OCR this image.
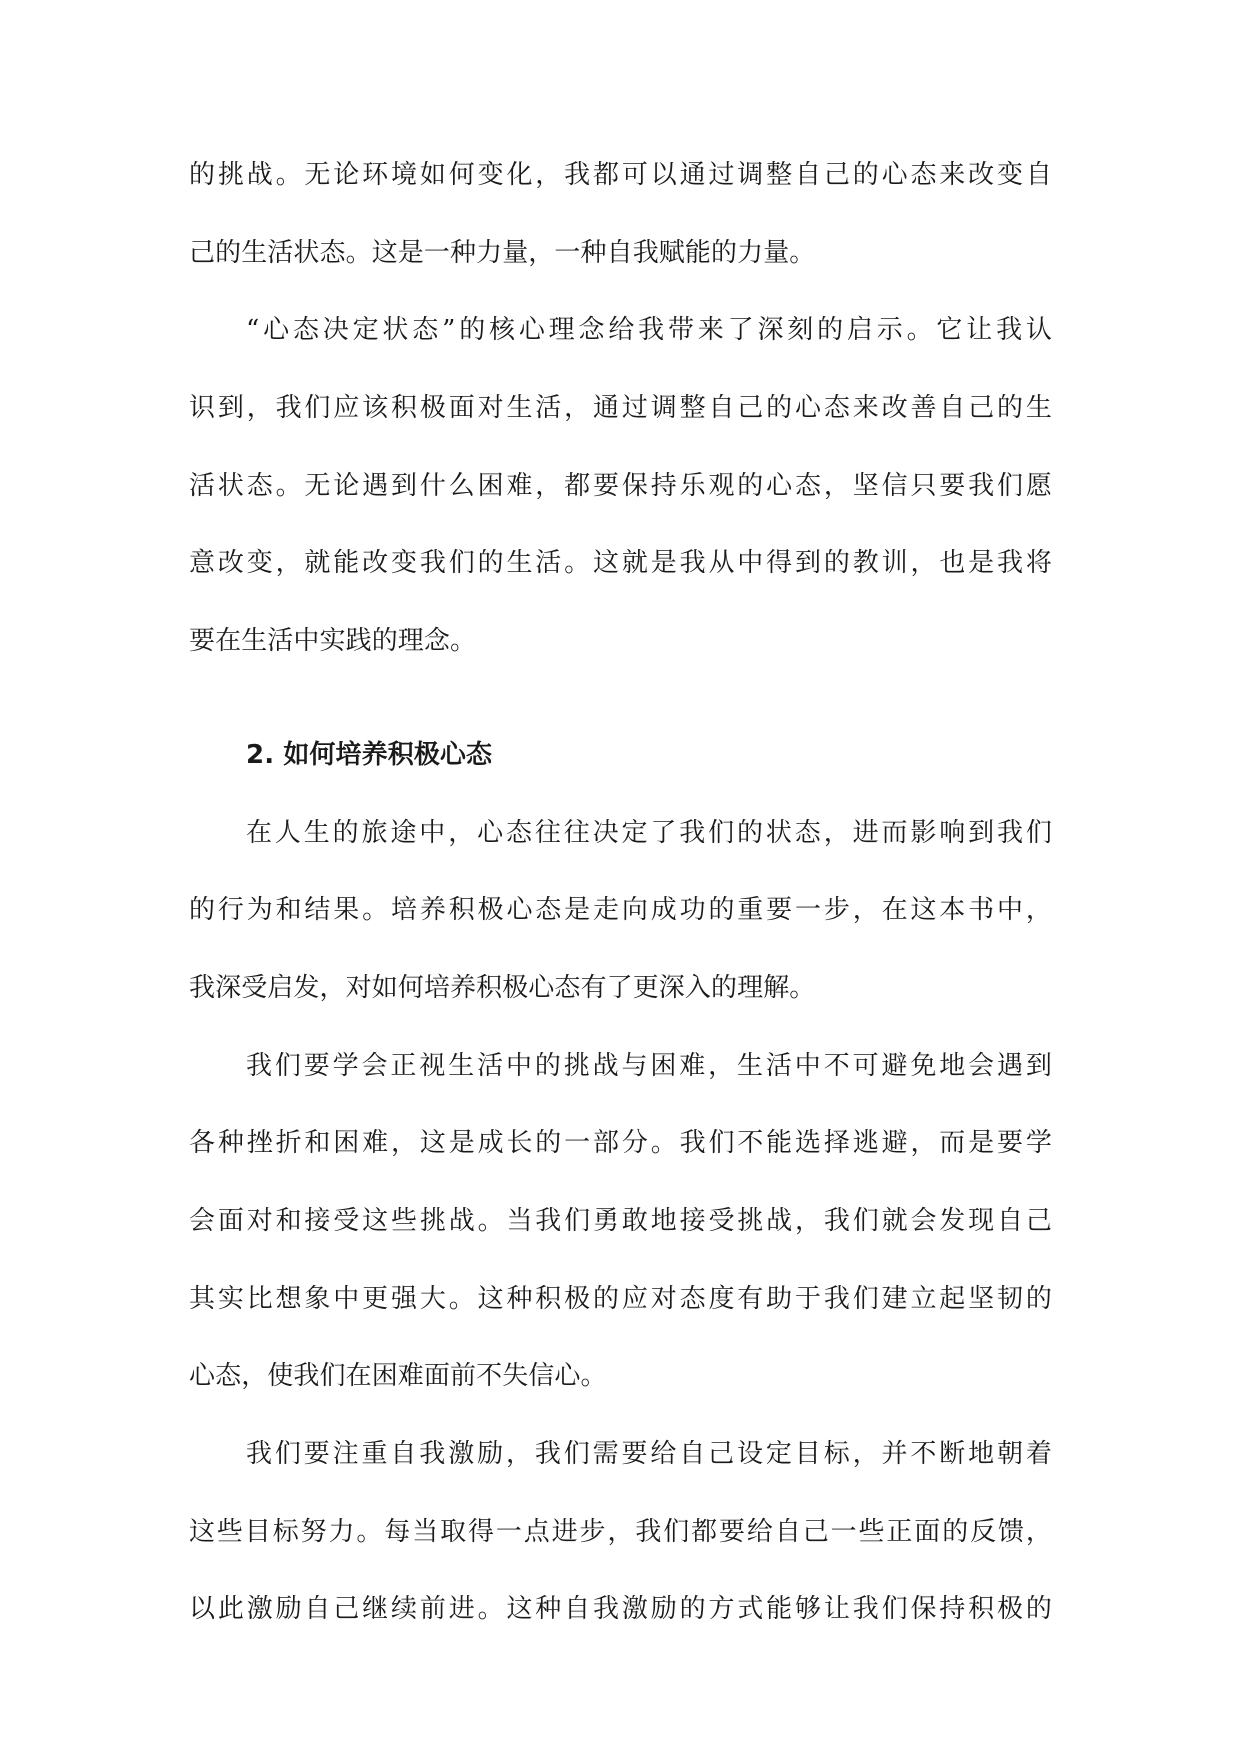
的挑战。无论环境如何变化，我都可以通过调整自己的心态来改变自
己的生活状态。这是一种力量，一种自我赋能的力量。
“心态决定状态”的核心理念给我带来了深刻的启示。它让我认
识到，我们应该积极面对生活，通过调整自己的心态来改善自己的生
活状态。无论遇到什么困难，都要保持乐观的心态，坚信只要我们愿
意改变，就能改变我们的生活。这就是我从中得到的教训，也是我将
要在生活中实践的理念。
2. 如何培养积极心态
在人生的旅途中，心态往往决定了我们的状态，进而影响到我们
的行为和结果。培养积极心态是走向成功的重要一步，在这本书中，
我深受启发，对如何培养积极心态有了更深入的理解。
我们要学会正视生活中的挑战与困难，生活中不可避免地会遇到
各种挫折和困难，这是成长的一部分。我们不能选择逃避，而是要学
会面对和接受这些挑战。当我们勇敢地接受挑战，我们就会发现自己
其实比想象中更强大。这种积极的应对态度有助于我们建立起坚韧的
心态，使我们在困难面前不失信心。
我们要注重自我激励，我们需要给自己设定目标，并不断地朝着
这些目标努力。每当取得一点进步，我们都要给自己一些正面的反馈，
以此激励自己继续前进。这种自我激励的方式能够让我们保持积极的
